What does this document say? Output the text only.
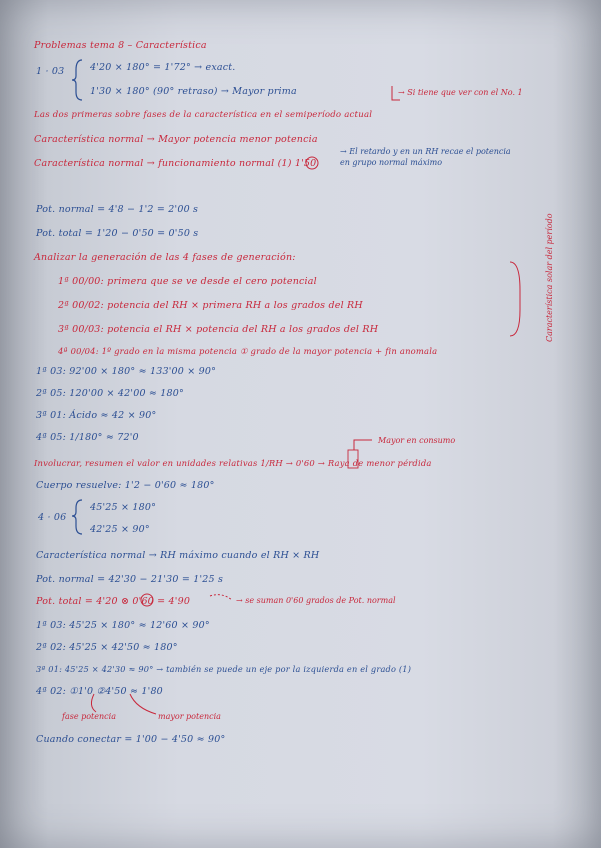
Problemas tema 8 – Característica
1 · 03	4'20 × 180° = 1'72° → exact.
1'30 × 180° (90° retraso) → Mayor prima	→ Si tiene que ver con el No. 1
Las dos primeras sobre fases de la característica en el semiperíodo actual
Característica normal → Mayor potencia menor potencia
Característica normal → funcionamiento normal (1) 1'50
→ El retardo y en un RH recae el potencia en grupo normal máximo
Pot. normal = 4'8 − 1'2 = 2'00 s
Pot. total = 1'20 − 0'50 = 0'50 s
Analizar la generación de las 4 fases de generación:
1ª 00/00: primera que se ve desde el cero potencial
2ª 00/02: potencia del RH × primera RH a los grados del RH
3ª 00/03: potencia el RH × potencia del RH a los grados del RH
4ª 00/04: 1º grado en la misma potencia ① grado de la mayor potencia + fin anomala
Característica solar del período
1ª 03: 92'00 × 180° ≈ 133'00 × 90°
2ª 05: 120'00 × 42'00 ≈ 180°
3ª 01: Ácido ≈ 42 × 90°
4ª 05: 1/180° ≈ 72'0	Mayor en consumo
Involucrar, resumen el valor en unidades relativas 1/RH → 0'60 → Raya de menor pérdida
Cuerpo resuelve: 1'2 − 0'60 ≈ 180°
4 · 06
45'25 × 180°
42'25 × 90°
Característica normal → RH máximo cuando el RH × RH
Pot. normal = 42'30 − 21'30 = 1'25 s
Pot. total = 4'20 ⊗ 0'60 = 4'90	→ se suman 0'60 grados de Pot. normal
1ª 03: 45'25 × 180° ≈ 12'60 × 90°
2ª 02: 45'25 × 42'50 ≈ 180°
3ª 01: 45'25 × 42'30 ≈ 90° → también se puede un eje por la izquierda en el grado (1)
4ª 02: ①1'0 ②4'50 ≈ 1'80
fase potencia	mayor potencia
Cuando conectar = 1'00 − 4'50 ≈ 90°
